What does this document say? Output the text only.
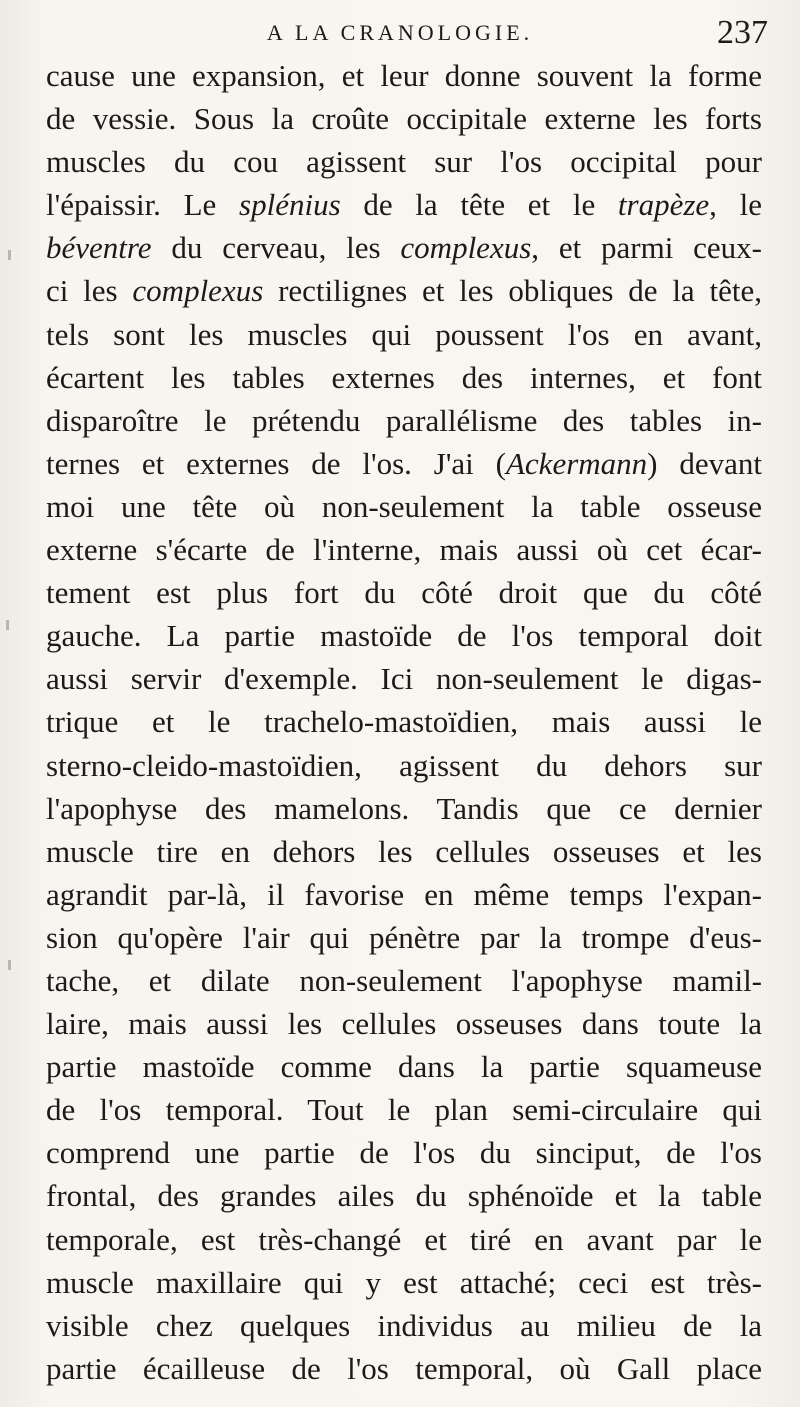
A LA CRANOLOGIE.	237
cause une expansion, et leur donne souvent la forme
de vessie. Sous la croûte occipitale externe les forts
muscles du cou agissent sur l'os occipital pour
l'épaissir. Le splénius de la tête et le trapèze, le
béventre du cerveau, les complexus, et parmi ceux-
ci les complexus rectilignes et les obliques de la tête,
tels sont les muscles qui poussent l'os en avant,
écartent les tables externes des internes, et font
disparoître le prétendu parallélisme des tables in-
ternes et externes de l'os. J'ai (Ackermann) devant
moi une tête où non-seulement la table osseuse
externe s'écarte de l'interne, mais aussi où cet écar-
tement est plus fort du côté droit que du côté
gauche. La partie mastoïde de l'os temporal doit
aussi servir d'exemple. Ici non-seulement le digas-
trique et le trachelo-mastoïdien, mais aussi le
sterno-cleido-mastoïdien, agissent du dehors sur
l'apophyse des mamelons. Tandis que ce dernier
muscle tire en dehors les cellules osseuses et les
agrandit par-là, il favorise en même temps l'expan-
sion qu'opère l'air qui pénètre par la trompe d'eus-
tache, et dilate non-seulement l'apophyse mamil-
laire, mais aussi les cellules osseuses dans toute la
partie mastoïde comme dans la partie squameuse
de l'os temporal. Tout le plan semi-circulaire qui
comprend une partie de l'os du sinciput, de l'os
frontal, des grandes ailes du sphénoïde et la table
temporale, est très-changé et tiré en avant par le
muscle maxillaire qui y est attaché; ceci est très-
visible chez quelques individus au milieu de la
partie écailleuse de l'os temporal, où Gall place
